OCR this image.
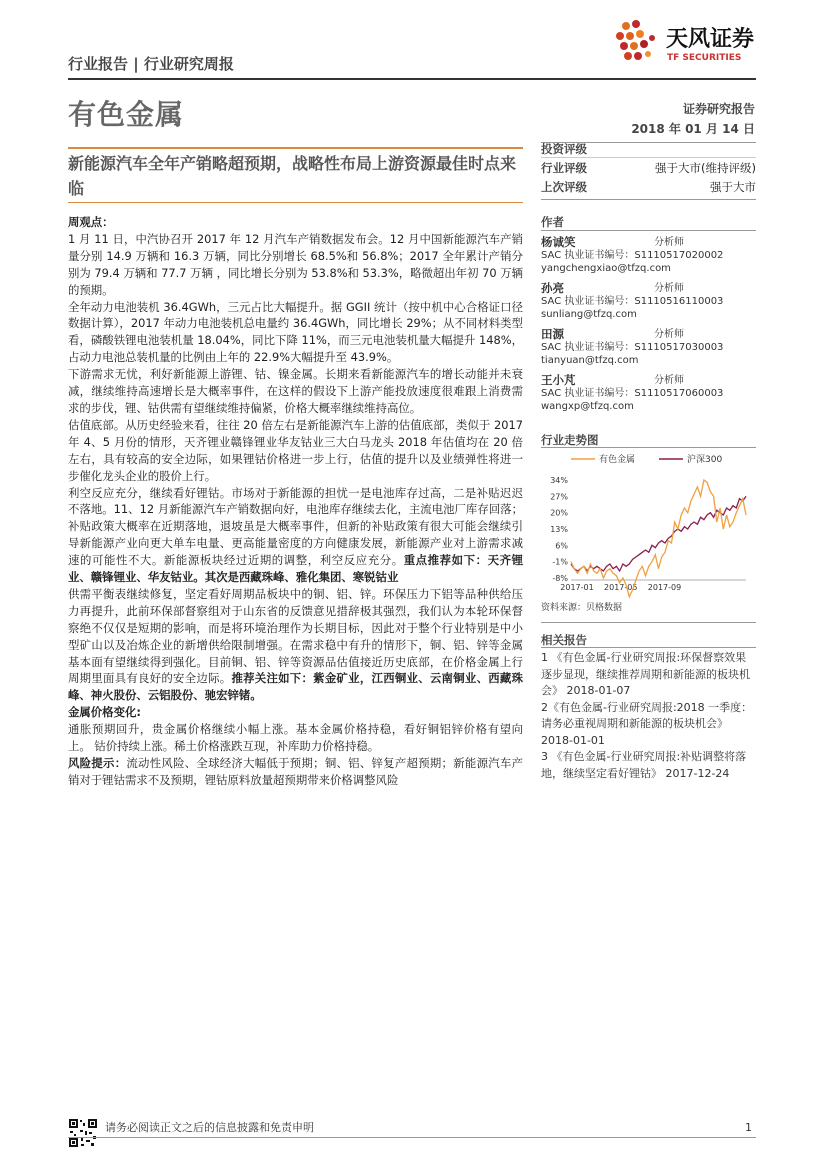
行业报告 | 行业研究周报
天风证券
TF SECURITIES
有色金属	证券研究报告
2018 年 01 月 14 日
新能源汽车全年产销略超预期，战略性布局上游资源最佳时点来临

周观点：

1 月 11 日，中汽协召开 2017 年 12 月汽车产销数据发布会。12 月中国新能源汽车产销量分别 14.9 万辆和 16.3 万辆，同比分别增长 68.5%和 56.8%；2017 全年累计产销分别为 79.4 万辆和 77.7 万辆 ，同比增长分别为 53.8%和 53.3%，略微超出年初 70 万辆的预期。

全年动力电池装机 36.4GWh，三元占比大幅提升。据 GGII 统计（按中机中心合格证口径数据计算），2017 年动力电池装机总电量约 36.4GWh，同比增长 29%；从不同材料类型看，磷酸铁锂电池装机量 18.04%，同比下降 11%，而三元电池装机量大幅提升 148%，占动力电池总装机量的比例由上年的 22.9%大幅提升至 43.9%。

下游需求无忧，利好新能源上游锂、钴、镍金属。长期来看新能源汽车的增长动能并未衰减，继续维持高速增长是大概率事件，在这样的假设下上游产能投放速度很难跟上消费需求的步伐，锂、钴供需有望继续维持偏紧，价格大概率继续维持高位。

估值底部。从历史经验来看，往往 20 倍左右是新能源汽车上游的估值底部，类似于 2017 年 4、5 月份的情形，天齐锂业赣锋锂业华友钴业三大白马龙头 2018 年估值均在 20 倍左右，具有较高的安全边际，如果锂钴价格进一步上行，估值的提升以及业绩弹性将进一步催化龙头企业的股价上行。

利空反应充分，继续看好锂钴。市场对于新能源的担忧一是电池库存过高，二是补贴迟迟不落地。11、12 月新能源汽车产销数据向好，电池库存继续去化，主流电池厂库存回落；补贴政策大概率在近期落地，退坡虽是大概率事件，但新的补贴政策有很大可能会继续引导新能源产业向更大单车电量、更高能量密度的方向健康发展，新能源产业对上游需求减速的可能性不大。新能源板块经过近期的调整，利空反应充分。重点推荐如下：天齐锂业、赣锋锂业、华友钴业。其次是西藏珠峰、雅化集团、寒锐钴业

供需平衡表继续修复，坚定看好周期品板块中的铜、铝、锌。环保压力下铝等品种供给压力再提升，此前环保部督察组对于山东省的反馈意见措辞极其强烈，我们认为本轮环保督察绝不仅仅是短期的影响，而是将环境治理作为长期目标，因此对于整个行业特别是中小型矿山以及冶炼企业的新增供给限制增强。在需求稳中有升的情形下，铜、铝、锌等金属基本面有望继续得到强化。目前铜、铝、锌等资源品估值接近历史底部，在价格金属上行周期里面具有良好的安全边际。推荐关注如下：紫金矿业，江西铜业、云南铜业、西藏珠峰、神火股份、云铝股份、驰宏锌锗。

金属价格变化:

通胀预期回升，贵金属价格继续小幅上涨。基本金属价格持稳，看好铜铝锌价格有望向上。 钴价持续上涨。稀土价格涨跌互现，补库助力价格持稳。

风险提示：流动性风险、全球经济大幅低于预期；铜、铝、锌复产超预期；新能源汽车产销对于锂钴需求不及预期，锂钴原料放量超预期带来价格调整风险

投资评级
行业评级	强于大市(维持评级)
上次评级	强于大市
作者
杨诚笑	分析师
SAC 执业证书编号：S1110517020002
yangchengxiao@tfzq.com
孙亮	分析师
SAC 执业证书编号：S1110516110003
sunliang@tfzq.com
田源	分析师
SAC 执业证书编号：S1110517030003
tianyuan@tfzq.com
王小芃	分析师
SAC 执业证书编号：S1110517060003
wangxp@tfzq.com
行业走势图
有色金属	沪深300
34%
27%
20%
13%
6%
-1%
-8%
2017-01 2017-05 2017-09
资料来源：贝格数据
相关报告
1 《有色金属-行业研究周报:环保督察效果逐步显现，继续推荐周期和新能源的板块机会》 2018-01-07
2《有色金属-行业研究周报:2018 一季度：请务必重视周期和新能源的板块机会》 2018-01-01
3 《有色金属-行业研究周报:补贴调整将落地，继续坚定看好锂钴》 2017-12-24
请务必阅读正文之后的信息披露和免责申明	1
